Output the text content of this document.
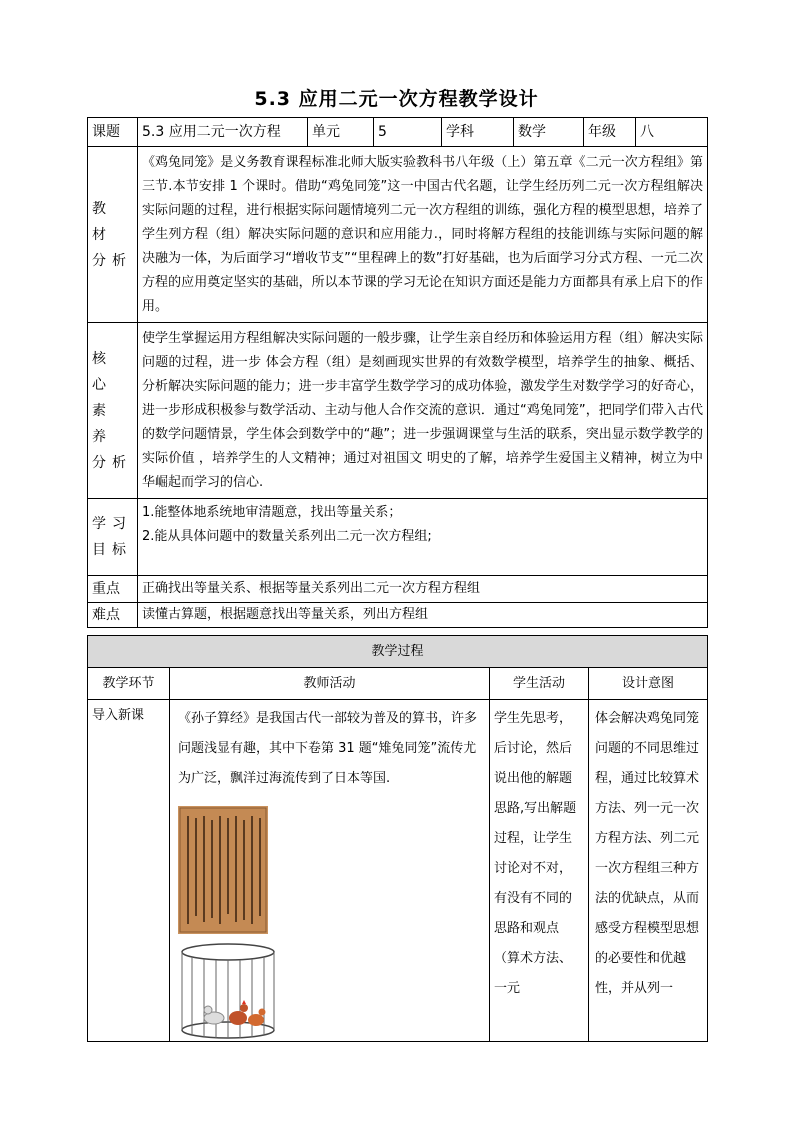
5.3 应用二元一次方程教学设计
课题	5.3 应用二元一次方程	单元	5	学科	数学	年级	八
教 材 分析	《鸡兔同笼》是义务教育课程标准北师大版实验教科书八年级（上）第五章《二元一次方程组》第三节.本节安排 1 个课时。借助“鸡兔同笼”这一中国古代名题，让学生经历列二元一次方程组解决实际问题的过程，进行根据实际问题情境列二元一次方程组的训练，强化方程的模型思想，培养了学生列方程（组）解决实际问题的意识和应用能力.，同时将解方程组的技能训练与实际问题的解决融为一体，为后面学习“增收节支”“里程碑上的数”打好基础，也为后面学习分式方程、一元二次方程的应用奠定坚实的基础，所以本节课的学习无论在知识方面还是能力方面都具有承上启下的作用。						
核 心 素 养 分析	使学生掌握运用方程组解决实际问题的一般步骤，让学生亲自经历和体验运用方程（组）解决实际问题的过程，进一步 体会方程（组）是刻画现实世界的有效数学模型，培养学生的抽象、概括、分析解决实际问题的能力；进一步丰富学生数学学习的成功体验，激发学生对数学学习的好奇心，进一步形成积极参与数学活动、主动与他人合作交流的意识．通过“鸡兔同笼”，把同学们带入古代的数学问题情景，学生体会到数学中的“趣”；进一步强调课堂与生活的联系，突出显示数学教学的实际价值 ，培养学生的人文精神；通过对祖国文 明史的了解，培养学生爱国主义精神，树立为中华崛起而学习的信心.						
学习 目标	1.能整体地系统地审清题意，找出等量关系；
2.能从具体问题中的数量关系列出二元一次方程组;						

重点	正确找出等量关系、根据等量关系列出二元一次方程方程组						
难点	读懂古算题，根据题意找出等量关系，列出方程组						
教学过程			
教学环节	教师活动	学生活动	设计意图
导入新课	《孙子算经》是我国古代一部较为普及的算书，许多问题浅显有趣，其中下卷第 31 题“雉兔同笼”流传尤为广泛，飘洋过海流传到了日本等国.	学生先思考，后讨论，然后说出他的解题思路,写出解题过程，让学生讨论对不对，有没有不同的思路和观点（算术方法、一元	体会解决鸡兔同笼问题的不同思维过程，通过比较算术方法、列一元一次方程方法、列二元一次方程组三种方法的优缺点，从而感受方程模型思想的必要性和优越性，并从列一
